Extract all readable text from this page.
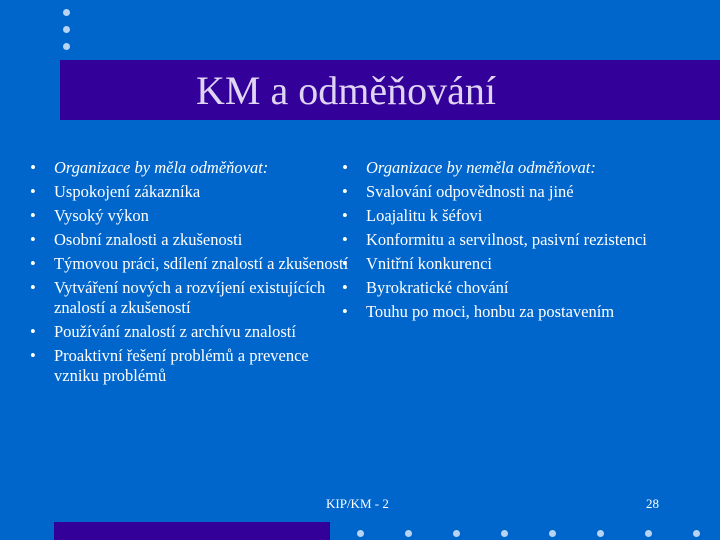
KM a odměňování
• Organizace by měla odměňovat:
• Uspokojení zákazníka
• Vysoký výkon
• Osobní znalosti a zkušenosti
• Týmovou práci, sdílení znalostí a zkušeností
• Vytváření nových a rozvíjení existujících znalostí a zkušeností
• Používání znalostí z archívu znalostí
• Proaktivní řešení problémů a prevence vzniku problémů
• Organizace by neměla odměňovat:
• Svalování odpovědnosti na jiné
• Loajalitu k šéfovi
• Konformitu a servilnost, pasivní rezistenci
• Vnitřní konkurenci
• Byrokratické chování
• Touhu po moci, honbu za postavením
KIP/KM - 2	28
